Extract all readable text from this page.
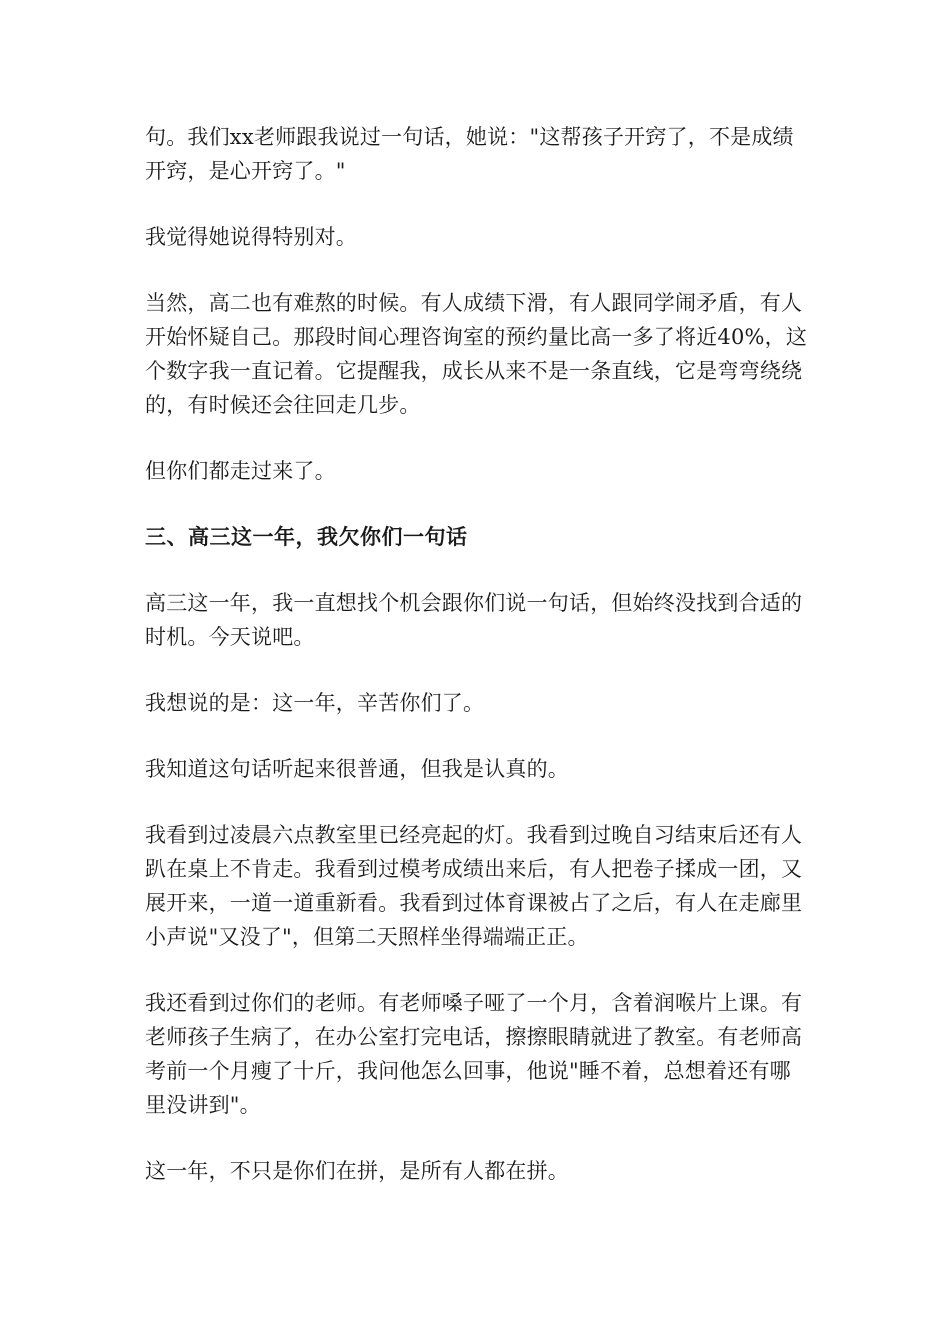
句。我们xx老师跟我说过一句话，她说："这帮孩子开窍了，不是成绩开窍，是心开窍了。"

我觉得她说得特别对。

当然，高二也有难熬的时候。有人成绩下滑，有人跟同学闹矛盾，有人开始怀疑自己。那段时间心理咨询室的预约量比高一多了将近40%，这个数字我一直记着。它提醒我，成长从来不是一条直线，它是弯弯绕绕的，有时候还会往回走几步。

但你们都走过来了。

三、高三这一年，我欠你们一句话

高三这一年，我一直想找个机会跟你们说一句话，但始终没找到合适的时机。今天说吧。

我想说的是：这一年，辛苦你们了。

我知道这句话听起来很普通，但我是认真的。

我看到过凌晨六点教室里已经亮起的灯。我看到过晚自习结束后还有人趴在桌上不肯走。我看到过模考成绩出来后，有人把卷子揉成一团，又展开来，一道一道重新看。我看到过体育课被占了之后，有人在走廊里小声说"又没了"，但第二天照样坐得端端正正。

我还看到过你们的老师。有老师嗓子哑了一个月，含着润喉片上课。有老师孩子生病了，在办公室打完电话，擦擦眼睛就进了教室。有老师高考前一个月瘦了十斤，我问他怎么回事，他说"睡不着，总想着还有哪里没讲到"。

这一年，不只是你们在拼，是所有人都在拼。
